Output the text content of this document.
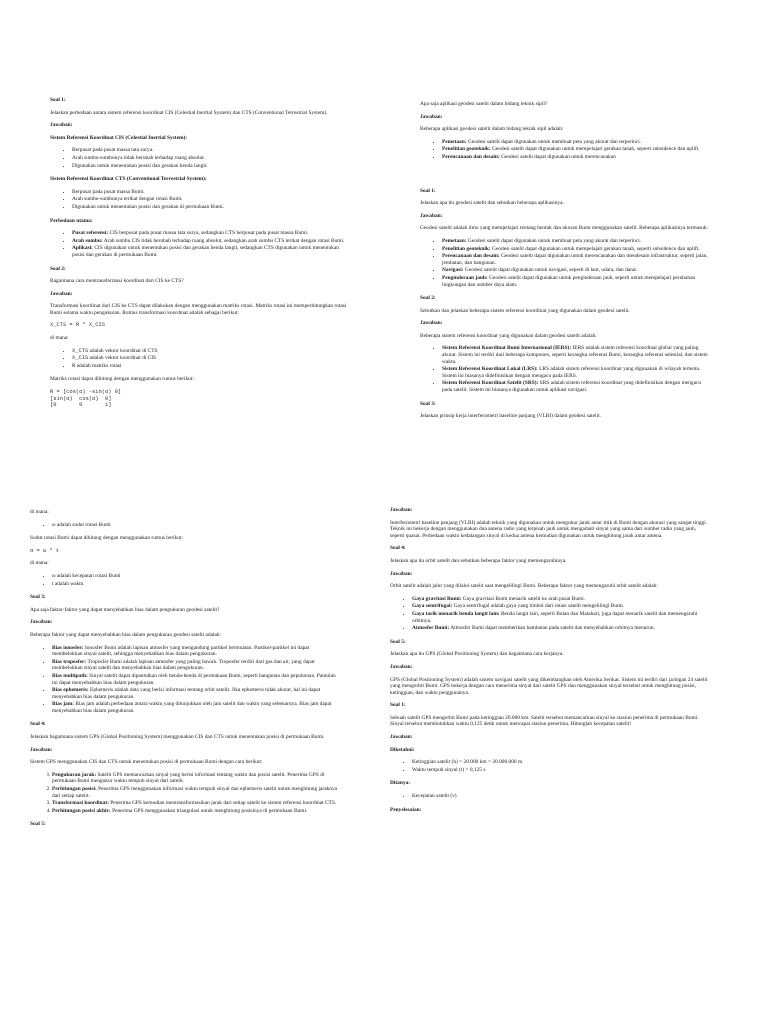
Soal 1:

Jelaskan perbedaan antara sistem referensi koordinat CIS (Celestial Inertial System) dan CTS (Conventional Terrestrial System).

Jawaban:

Sistem Referensi Koordinat CIS (Celestial Inertial System):

• Berpusat pada pusat massa tata surya.
• Arah sumbu-sumbunya tidak berubah terhadap ruang absolut.
• Digunakan untuk menentukan posisi dan gerakan benda langit.

Sistem Referensi Koordinat CTS (Conventional Terrestrial System):

• Berpusat pada pusat massa Bumi.
• Arah sumbu-sumbunya terikat dengan rotasi Bumi.
• Digunakan untuk menentukan posisi dan gerakan di permukaan Bumi.

Perbedaan utama:

• Pusat referensi: CIS berpusat pada pusat massa tata surya, sedangkan CTS berpusat pada pusat massa Bumi.
• Arah sumbu: Arah sumbu CIS tidak berubah terhadap ruang absolut, sedangkan arah sumbu CTS terikat dengan rotasi Bumi.
• Aplikasi: CIS digunakan untuk menentukan posisi dan gerakan benda langit, sedangkan CTS digunakan untuk menentukan posisi dan gerakan di permukaan Bumi.

Soal 2:

Bagaimana cara mentransformasi koordinat dari CIS ke CTS?

Jawaban:

Transformasi koordinat dari CIS ke CTS dapat dilakukan dengan menggunakan matriks rotasi. Matriks rotasi ini memperhitungkan rotasi Bumi selama waktu pengukuran. Rumus transformasi koordinat adalah sebagai berikut:

X_CTS = R * X_CIS

di mana:

• X_CTS adalah vektor koordinat di CTS
• X_CIS adalah vektor koordinat di CIS
• R adalah matriks rotasi

Matriks rotasi dapat dihitung dengan menggunakan rumus berikut:

R = [cos(α) -sin(α) 0]
[sin(α)  cos(α)  0]
[0       0       1]

Apa saja aplikasi geodesi satelit dalam bidang teknik sipil?

Jawaban:

Beberapa aplikasi geodesi satelit dalam bidang teknik sipil adalah:

• Pemetaan: Geodesi satelit dapat digunakan untuk membuat peta yang akurat dan terperinci.
• Penelitian geoteknik: Geodesi satelit dapat digunakan untuk mempelajari gerakan tanah, seperti subsidence dan uplift.
• Perencanaan dan desain: Geodesi satelit dapat digunakan untuk merencanakan

Soal 1:

Jelaskan apa itu geodesi satelit dan sebutkan beberapa aplikasinya.

Jawaban:

Geodesi satelit adalah ilmu yang mempelajari tentang bentuk dan ukuran Bumi menggunakan satelit. Beberapa aplikasinya termasuk:

• Pemetaan: Geodesi satelit dapat digunakan untuk membuat peta yang akurat dan terperinci.
• Penelitian geoteknik: Geodesi satelit dapat digunakan untuk mempelajari gerakan tanah, seperti subsidence dan uplift.
• Perencanaan dan desain: Geodesi satelit dapat digunakan untuk merencanakan dan mendesain infrastruktur, seperti jalan, jembatan, dan bangunan.
• Navigasi: Geodesi satelit dapat digunakan untuk navigasi, seperti di laut, udara, dan darat.
• Penginderaan jauh: Geodesi satelit dapat digunakan untuk penginderaan jauh, seperti untuk mempelajari perubahan lingkungan dan sumber daya alam.

Soal 2:

Sebutkan dan jelaskan beberapa sistem referensi koordinat yang digunakan dalam geodesi satelit.

Jawaban:

Beberapa sistem referensi koordinat yang digunakan dalam geodesi satelit adalah:

• Sistem Referensi Koordinat Bumi Internasional (IERS): IERS adalah sistem referensi koordinat global yang paling akurat. Sistem ini terdiri dari beberapa komponen, seperti kerangka referensi Bumi, kerangka referensi selestial, dan sistem waktu.
• Sistem Referensi Koordinat Lokal (LRS): LRS adalah sistem referensi koordinat yang digunakan di wilayah tertentu. Sistem ini biasanya didefinisikan dengan mengacu pada IERS.
• Sistem Referensi Koordinat Satelit (SRS): SRS adalah sistem referensi koordinat yang didefinisikan dengan mengacu pada satelit. Sistem ini biasanya digunakan untuk aplikasi navigasi.

Soal 3:

Jelaskan prinsip kerja interferometri baseline panjang (VLBI) dalam geodesi satelit.

di mana:

• ω adalah sudut rotasi Bumi

Sudut rotasi Bumi dapat dihitung dengan menggunakan rumus berikut:

α = ω * t

di mana:

• ω adalah kecepatan rotasi Bumi
• t adalah waktu

Soal 3:

Apa saja faktor-faktor yang dapat menyebabkan bias dalam pengukuran geodesi satelit?

Jawaban:

Beberapa faktor yang dapat menyebabkan bias dalam pengukuran geodesi satelit adalah:

• Bias ionosfer: Ionosfer Bumi adalah lapisan atmosfer yang mengandung partikel bermuatan. Partikel-partikel ini dapat membelokkan sinyal satelit, sehingga menyebabkan bias dalam pengukuran.
• Bias troposfer: Troposfer Bumi adalah lapisan atmosfer yang paling bawah. Troposfer terdiri dari gas dan air, yang dapat membelokkan sinyal satelit dan menyebabkan bias dalam pengukuran.
• Bias multipath: Sinyal satelit dapat dipantulkan oleh benda-benda di permukaan Bumi, seperti bangunan dan pepohonan. Pantulan ini dapat menyebabkan bias dalam pengukuran.
• Bias ephemeris: Ephemeris adalah data yang berisi informasi tentang orbit satelit. Jika ephemeris tidak akurat, hal ini dapat menyebabkan bias dalam pengukuran.
• Bias jam: Bias jam adalah perbedaan antara waktu yang ditunjukkan oleh jam satelit dan waktu yang sebenarnya. Bias jam dapat menyebabkan bias dalam pengukuran.

Soal 4:

Jelaskan bagaimana sistem GPS (Global Positioning System) menggunakan CIS dan CTS untuk menentukan posisi di permukaan Bumi.

Jawaban:

Sistem GPS menggunakan CIS dan CTS untuk menentukan posisi di permukaan Bumi dengan cara berikut:

1. Pengukuran jarak: Satelit GPS memancarkan sinyal yang berisi informasi tentang waktu dan posisi satelit. Penerima GPS di permukaan Bumi mengukur waktu tempuh sinyal dari satelit.
2. Perhitungan posisi: Penerima GPS menggunakan informasi waktu tempuh sinyal dan ephemeris satelit untuk menghitung jaraknya dari setiap satelit.
3. Transformasi koordinat: Penerima GPS kemudian mentransformasikan jarak dari setiap satelit ke sistem referensi koordinat CTS.
4. Perhitungan posisi akhir: Penerima GPS menggunakan triangulasi untuk menghitung posisinya di permukaan Bumi.

Soal 5:

Jawaban:

Interferometri baseline panjang (VLBI) adalah teknik yang digunakan untuk mengukur jarak antar titik di Bumi dengan akurasi yang sangat tinggi. Teknik ini bekerja dengan menggunakan dua antena radio yang terpisah jauh untuk mengamati sinyal yang sama dari sumber radio yang jauh, seperti quasar. Perbedaan waktu kedatangan sinyal di kedua antena kemudian digunakan untuk menghitung jarak antar antena.

Soal 4:

Jelaskan apa itu orbit satelit dan sebutkan beberapa faktor yang memengaruhinya.

Jawaban:

Orbit satelit adalah jalur yang dilalui satelit saat mengelilingi Bumi. Beberapa faktor yang memengaruhi orbit satelit adalah:

• Gaya gravitasi Bumi: Gaya gravitasi Bumi menarik satelit ke arah pusat Bumi.
• Gaya sentrifugal: Gaya sentrifugal adalah gaya yang timbul dari rotasi satelit mengelilingi Bumi.
• Gaya tarik menarik benda langit lain: Benda langit lain, seperti Bulan dan Matahari, juga dapat menarik satelit dan memengaruhi orbitnya.
• Atmosfer Bumi: Atmosfer Bumi dapat memberikan hambatan pada satelit dan menyebabkan orbitnya menurun.

Soal 5:

Jelaskan apa itu GPS (Global Positioning System) dan bagaimana cara kerjanya.

Jawaban:

GPS (Global Positioning System) adalah sistem navigasi satelit yang dikembangkan oleh Amerika Serikat. Sistem ini terdiri dari jaringan 24 satelit yang mengorbit Bumi. GPS bekerja dengan cara menerima sinyal dari satelit GPS dan menggunakan sinyal tersebut untuk menghitung posisi, ketinggian, dan waktu penggunanya.

Soal 1:

Sebuah satelit GPS mengorbit Bumi pada ketinggian 20.000 km. Satelit tersebut memancarkan sinyal ke stasiun penerima di permukaan Bumi. Sinyal tersebut membutuhkan waktu 0,125 detik untuk mencapai stasiun penerima. Hitunglah kecepatan satelit!

Jawaban:

Diketahui:

• Ketinggian satelit (h) = 20.000 km = 20.000.000 m
• Waktu tempuh sinyal (t) = 0,125 s

Ditanya:

• Kecepatan satelit (v)

Penyelesaian:
